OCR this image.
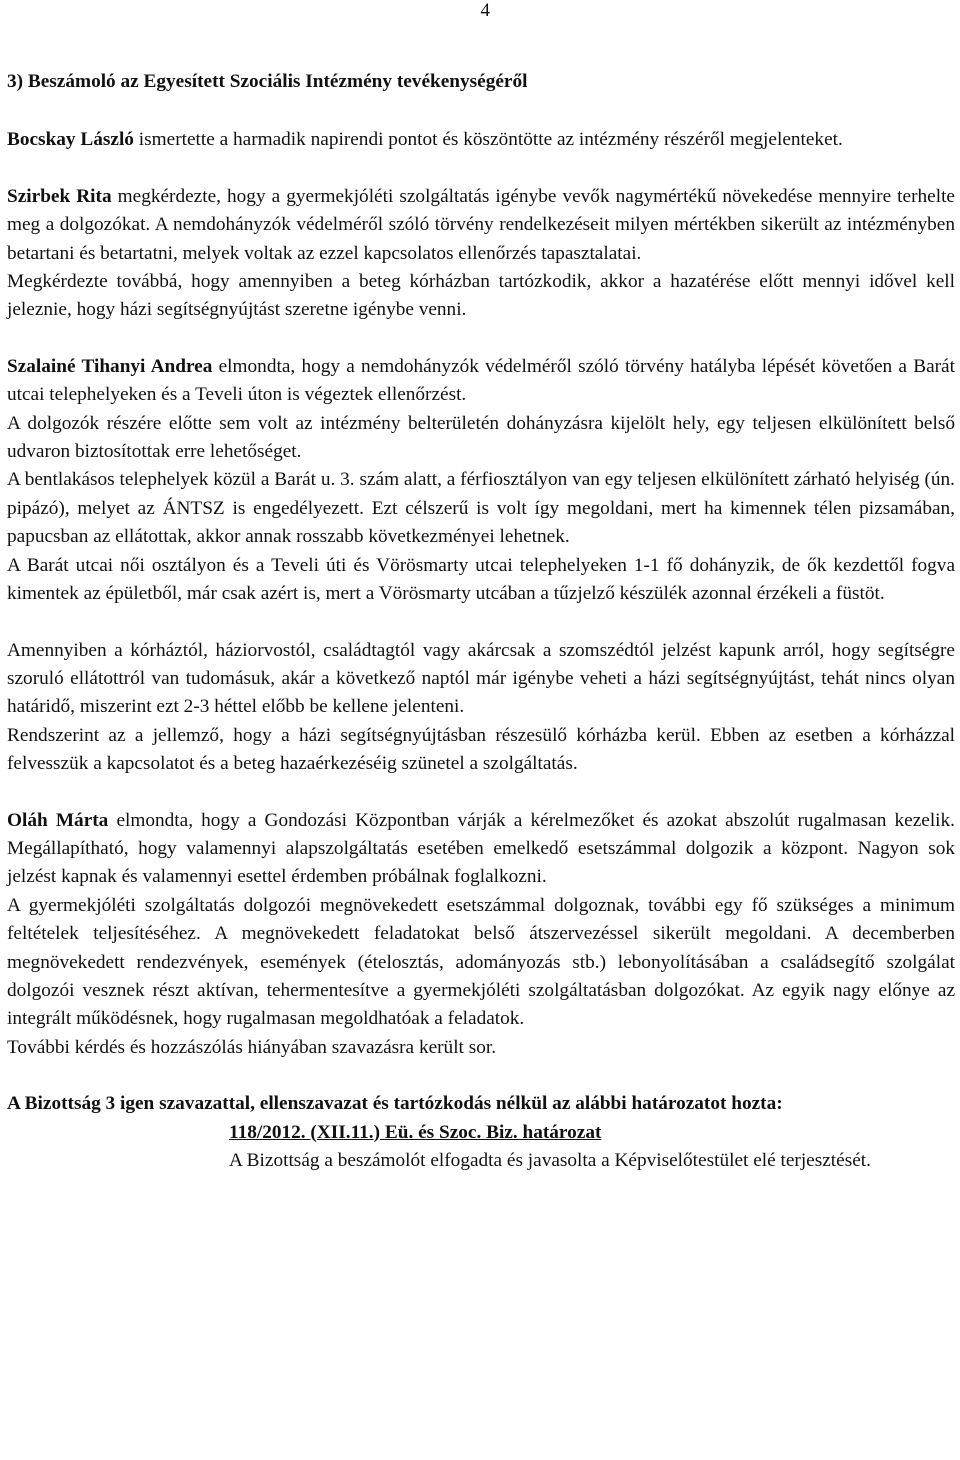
4
3) Beszámoló az Egyesített Szociális Intézmény tevékenységéről

Bocskay László ismertette a harmadik napirendi pontot és köszöntötte az intézmény részéről megjelenteket.

Szirbek Rita megkérdezte, hogy a gyermekjóléti szolgáltatás igénybe vevők nagymértékű növekedése mennyire terhelte meg a dolgozókat. A nemdohányzók védelméről szóló törvény rendelkezéseit milyen mértékben sikerült az intézményben betartani és betartatni, melyek voltak az ezzel kapcsolatos ellenőrzés tapasztalatai.

Megkérdezte továbbá, hogy amennyiben a beteg kórházban tartózkodik, akkor a hazatérése előtt mennyi idővel kell jeleznie, hogy házi segítségnyújtást szeretne igénybe venni.

Szalainé Tihanyi Andrea elmondta, hogy a nemdohányzók védelméről szóló törvény hatályba lépését követően a Barát utcai telephelyeken és a Teveli úton is végeztek ellenőrzést.

A dolgozók részére előtte sem volt az intézmény belterületén dohányzásra kijelölt hely, egy teljesen elkülönített belső udvaron biztosítottak erre lehetőséget.

A bentlakásos telephelyek közül a Barát u. 3. szám alatt, a férfiosztályon van egy teljesen elkülönített zárható helyiség (ún. pipázó), melyet az ÁNTSZ is engedélyezett. Ezt célszerű is volt így megoldani, mert ha kimennek télen pizsamában, papucsban az ellátottak, akkor annak rosszabb következményei lehetnek.

A Barát utcai női osztályon és a Teveli úti és Vörösmarty utcai telephelyeken 1-1 fő dohányzik, de ők kezdettől fogva kimentek az épületből, már csak azért is, mert a Vörösmarty utcában a tűzjelző készülék azonnal érzékeli a füstöt.

Amennyiben a kórháztól, háziorvostól, családtagtól vagy akárcsak a szomszédtól jelzést kapunk arról, hogy segítségre szoruló ellátottról van tudomásuk, akár a következő naptól már igénybe veheti a házi segítségnyújtást, tehát nincs olyan határidő, miszerint ezt 2-3 héttel előbb be kellene jelenteni.

Rendszerint az a jellemző, hogy a házi segítségnyújtásban részesülő kórházba kerül. Ebben az esetben a kórházzal felvesszük a kapcsolatot és a beteg hazaérkezéséig szünetel a szolgáltatás.

Oláh Márta elmondta, hogy a Gondozási Központban várják a kérelmezőket és azokat abszolút rugalmasan kezelik. Megállapítható, hogy valamennyi alapszolgáltatás esetében emelkedő esetszámmal dolgozik a központ. Nagyon sok jelzést kapnak és valamennyi esettel érdemben próbálnak foglalkozni.

A gyermekjóléti szolgáltatás dolgozói megnövekedett esetszámmal dolgoznak, további egy fő szükséges a minimum feltételek teljesítéséhez. A megnövekedett feladatokat belső átszervezéssel sikerült megoldani. A decemberben megnövekedett rendezvények, események (ételosztás, adományozás stb.) lebonyolításában a családsegítő szolgálat dolgozói vesznek részt aktívan, tehermentesítve a gyermekjóléti szolgáltatásban dolgozókat. Az egyik nagy előnye az integrált működésnek, hogy rugalmasan megoldhatóak a feladatok.

További kérdés és hozzászólás hiányában szavazásra került sor.

A Bizottság 3 igen szavazattal, ellenszavazat és tartózkodás nélkül az alábbi határozatot hozta:

118/2012. (XII.11.) Eü. és Szoc. Biz. határozat

A Bizottság a beszámolót elfogadta és javasolta a Képviselőtestület elé terjesztését.
